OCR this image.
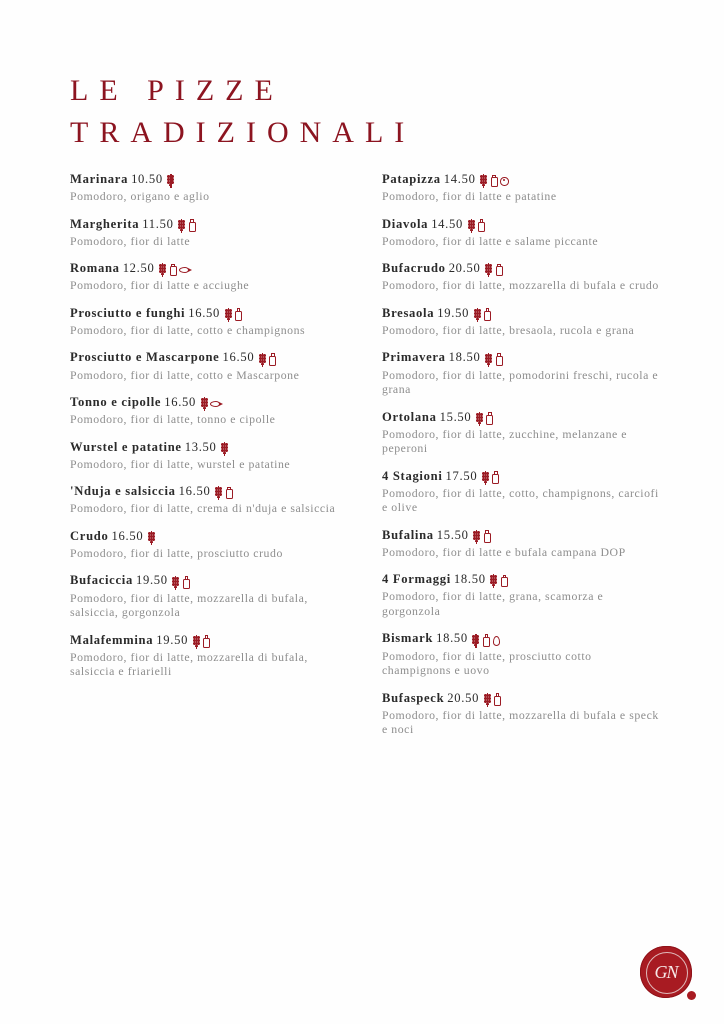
LE PIZZE
TRADIZIONALI
Marinara 10.50
Pomodoro, origano e aglio
Margherita 11.50
Pomodoro, fior di latte
Romana 12.50
Pomodoro, fior di latte e acciughe
Prosciutto e funghi 16.50
Pomodoro, fior di latte, cotto e champignons
Prosciutto e Mascarpone 16.50
Pomodoro, fior di latte, cotto e Mascarpone
Tonno e cipolle 16.50
Pomodoro, fior di latte, tonno e cipolle
Wurstel e patatine 13.50
Pomodoro, fior di latte, wurstel e patatine
'Nduja e salsiccia 16.50
Pomodoro, fior di latte, crema di n'duja e salsiccia
Crudo 16.50
Pomodoro, fior di latte, prosciutto crudo
Bufaciccia 19.50
Pomodoro, fior di latte, mozzarella di bufala, salsiccia, gorgonzola
Malafemmina 19.50
Pomodoro, fior di latte, mozzarella di bufala, salsiccia e friarielli
Patapizza 14.50
Pomodoro, fior di latte e patatine
Diavola 14.50
Pomodoro, fior di latte e salame piccante
Bufacrudo 20.50
Pomodoro, fior di latte, mozzarella di bufala e crudo
Bresaola 19.50
Pomodoro, fior di latte, bresaola, rucola e grana
Primavera 18.50
Pomodoro, fior di latte, pomodorini freschi, rucola e grana
Ortolana 15.50
Pomodoro, fior di latte, zucchine, melanzane e peperoni
4 Stagioni 17.50
Pomodoro, fior di latte, cotto, champignons, carciofi e olive
Bufalina 15.50
Pomodoro, fior di latte e bufala campana DOP
4 Formaggi 18.50
Pomodoro, fior di latte, grana, scamorza e gorgonzola
Bismark 18.50
Pomodoro, fior di latte, prosciutto cotto champignons e uovo
Bufaspeck 20.50
Pomodoro, fior di latte, mozzarella di bufala e speck e noci
GN
